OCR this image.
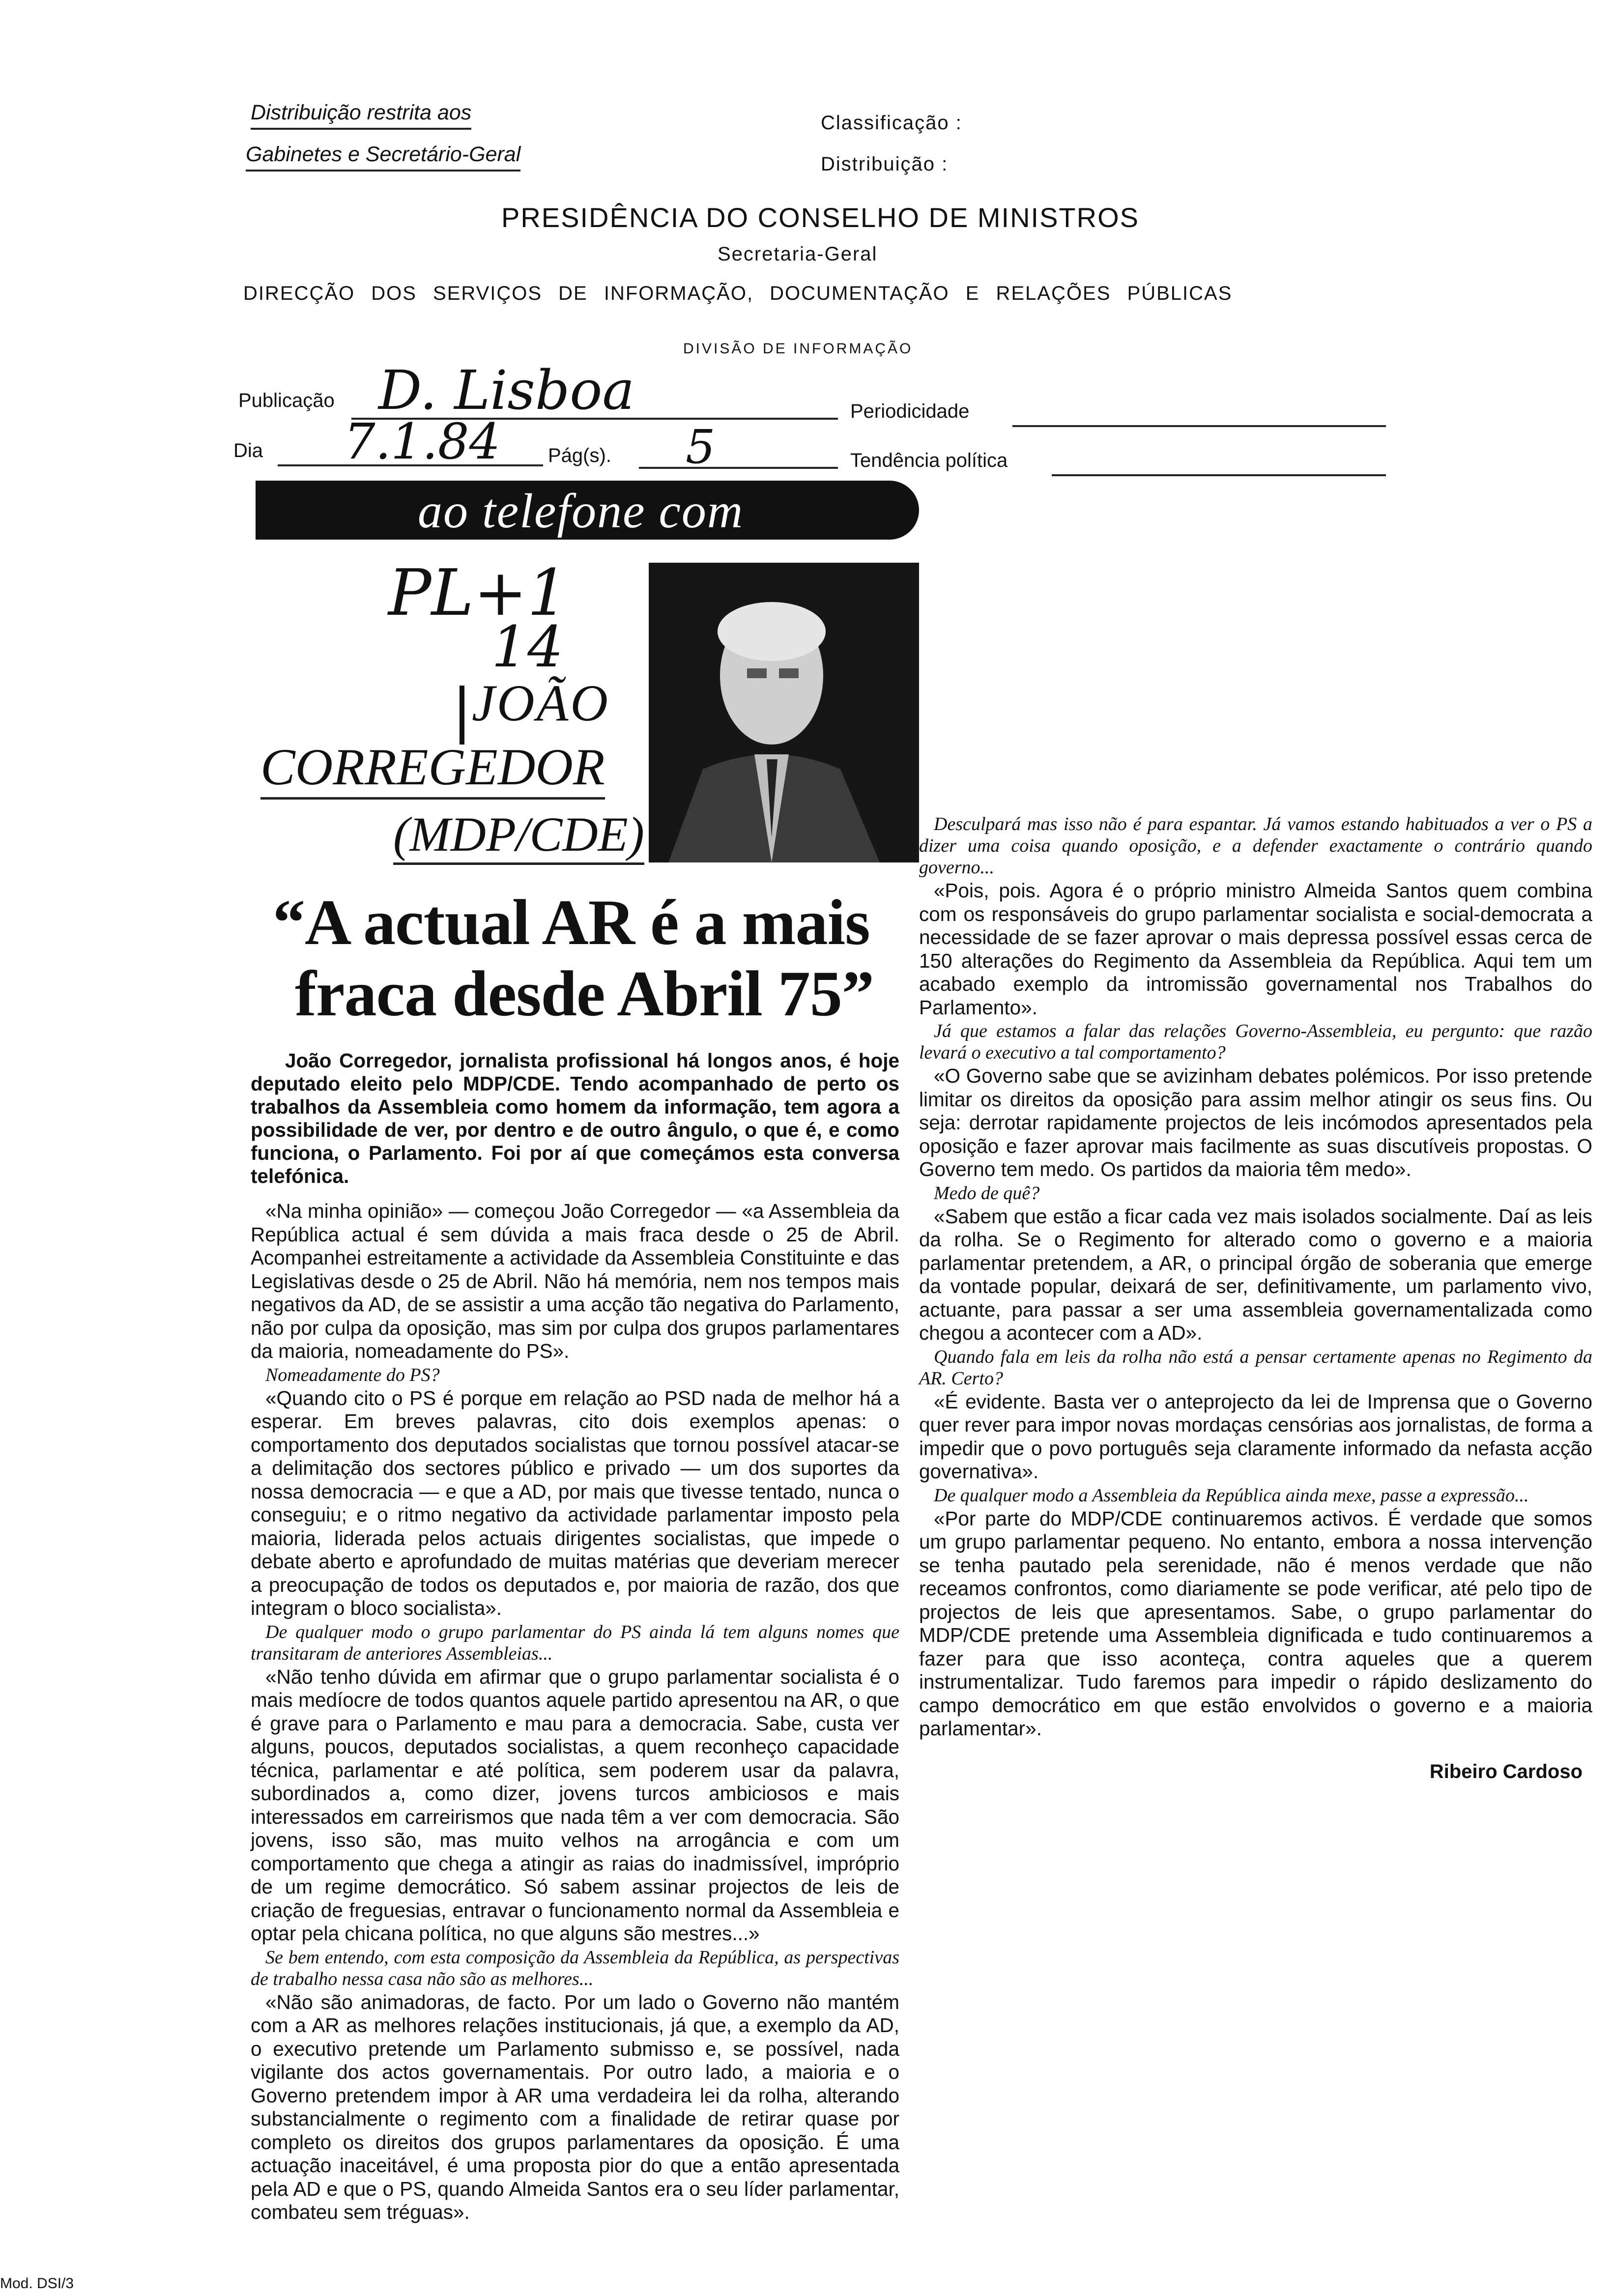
Distribuição restrita aos
Gabinetes e Secretário-Geral
Classificação :
Distribuição :
PRESIDÊNCIA DO CONSELHO DE MINISTROS
Secretaria-Geral
DIRECÇÃO DOS SERVIÇOS DE INFORMAÇÃO, DOCUMENTAÇÃO E RELAÇÕES PÚBLICAS
DIVISÃO DE INFORMAÇÃO
Publicação D. Lisboa
Dia 7.1.84 Pág(s). 5
Periodicidade
Tendência política
ao telefone com
PL+1
14
JOÃO
CORREGEDOR
(MDP/CDE)
“A actual AR é a mais
fraca desde Abril 75”

João Corregedor, jornalista profissional há longos anos, é hoje deputado eleito pelo MDP/CDE. Tendo acompanhado de perto os trabalhos da Assembleia como homem da informação, tem agora a possibilidade de ver, por dentro e de outro ângulo, o que é, e como funciona, o Parlamento. Foi por aí que começámos esta conversa telefónica.

«Na minha opinião» — começou João Corregedor — «a Assembleia da República actual é sem dúvida a mais fraca desde o 25 de Abril. Acompanhei estreitamente a actividade da Assembleia Constituinte e das Legislativas desde o 25 de Abril. Não há memória, nem nos tempos mais negativos da AD, de se assistir a uma acção tão negativa do Parlamento, não por culpa da oposição, mas sim por culpa dos grupos parlamentares da maioria, nomeadamente do PS».

Nomeadamente do PS?

«Quando cito o PS é porque em relação ao PSD nada de melhor há a esperar. Em breves palavras, cito dois exemplos apenas: o comportamento dos deputados socialistas que tornou possível atacar-se a delimitação dos sectores público e privado — um dos suportes da nossa democracia — e que a AD, por mais que tivesse tentado, nunca o conseguiu; e o ritmo negativo da actividade parlamentar imposto pela maioria, liderada pelos actuais dirigentes socialistas, que impede o debate aberto e aprofundado de muitas matérias que deveriam merecer a preocupação de todos os deputados e, por maioria de razão, dos que integram o bloco socialista».

De qualquer modo o grupo parlamentar do PS ainda lá tem alguns nomes que transitaram de anteriores Assembleias...

«Não tenho dúvida em afirmar que o grupo parlamentar socialista é o mais medíocre de todos quantos aquele partido apresentou na AR, o que é grave para o Parlamento e mau para a democracia. Sabe, custa ver alguns, poucos, deputados socialistas, a quem reconheço capacidade técnica, parlamentar e até política, sem poderem usar da palavra, subordinados a, como dizer, jovens turcos ambiciosos e mais interessados em carreirismos que nada têm a ver com democracia. São jovens, isso são, mas muito velhos na arrogância e com um comportamento que chega a atingir as raias do inadmissível, impróprio de um regime democrático. Só sabem assinar projectos de leis de criação de freguesias, entravar o funcionamento normal da Assembleia e optar pela chicana política, no que alguns são mestres...»

Se bem entendo, com esta composição da Assembleia da República, as perspectivas de trabalho nessa casa não são as melhores...

«Não são animadoras, de facto. Por um lado o Governo não mantém com a AR as melhores relações institucionais, já que, a exemplo da AD, o executivo pretende um Parlamento submisso e, se possível, nada vigilante dos actos governamentais. Por outro lado, a maioria e o Governo pretendem impor à AR uma verdadeira lei da rolha, alterando substancialmente o regimento com a finalidade de retirar quase por completo os direitos dos grupos parlamentares da oposição. É uma actuação inaceitável, é uma proposta pior do que a então apresentada pela AD e que o PS, quando Almeida Santos era o seu líder parlamentar, combateu sem tréguas».

Desculpará mas isso não é para espantar. Já vamos estando habituados a ver o PS a dizer uma coisa quando oposição, e a defender exactamente o contrário quando governo...

«Pois, pois. Agora é o próprio ministro Almeida Santos quem combina com os responsáveis do grupo parlamentar socialista e social-democrata a necessidade de se fazer aprovar o mais depressa possível essas cerca de 150 alterações do Regimento da Assembleia da República. Aqui tem um acabado exemplo da intromissão governamental nos Trabalhos do Parlamento».

Já que estamos a falar das relações Governo-Assembleia, eu pergunto: que razão levará o executivo a tal comportamento?

«O Governo sabe que se avizinham debates polémicos. Por isso pretende limitar os direitos da oposição para assim melhor atingir os seus fins. Ou seja: derrotar rapidamente projectos de leis incómodos apresentados pela oposição e fazer aprovar mais facilmente as suas discutíveis propostas. O Governo tem medo. Os partidos da maioria têm medo».

Medo de quê?

«Sabem que estão a ficar cada vez mais isolados socialmente. Daí as leis da rolha. Se o Regimento for alterado como o governo e a maioria parlamentar pretendem, a AR, o principal órgão de soberania que emerge da vontade popular, deixará de ser, definitivamente, um parlamento vivo, actuante, para passar a ser uma assembleia governamentalizada como chegou a acontecer com a AD».

Quando fala em leis da rolha não está a pensar certamente apenas no Regimento da AR. Certo?

«É evidente. Basta ver o anteprojecto da lei de Imprensa que o Governo quer rever para impor novas mordaças censórias aos jornalistas, de forma a impedir que o povo português seja claramente informado da nefasta acção governativa».

De qualquer modo a Assembleia da República ainda mexe, passe a expressão...

«Por parte do MDP/CDE continuaremos activos. É verdade que somos um grupo parlamentar pequeno. No entanto, embora a nossa intervenção se tenha pautado pela serenidade, não é menos verdade que não receamos confrontos, como diariamente se pode verificar, até pelo tipo de projectos de leis que apresentamos. Sabe, o grupo parlamentar do MDP/CDE pretende uma Assembleia dignificada e tudo continuaremos a fazer para que isso aconteça, contra aqueles que a querem instrumentalizar. Tudo faremos para impedir o rápido deslizamento do campo democrático em que estão envolvidos o governo e a maioria parlamentar».

Ribeiro Cardoso
Mod. DSI/3
